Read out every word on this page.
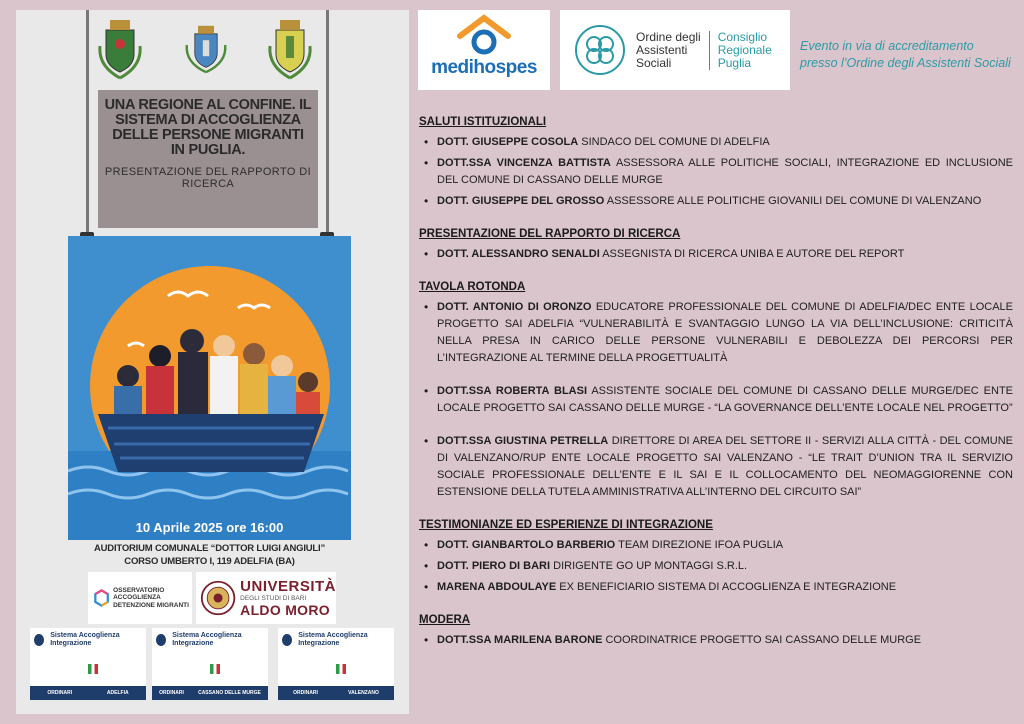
UNA REGIONE AL CONFINE. IL SISTEMA DI ACCOGLIENZA DELLE PERSONE MIGRANTI IN PUGLIA.
PRESENTAZIONE DEL RAPPORTO DI RICERCA
10 Aprile 2025 ore 16:00
AUDITORIUM COMUNALE “DOTTOR LUIGI ANGIULI”
CORSO UMBERTO I, 119 ADELFIA (BA)
OSSERVATORIO ACCOGLIENZA DETENZIONE MIGRANTI
UNIVERSITÀ
DEGLI STUDI DI BARI
ALDO MORO
Sistema Accoglienza Integrazione
ORDINARI	ADELFIA
Sistema Accoglienza Integrazione
ORDINARI	CASSANO DELLE MURGE
Sistema Accoglienza Integrazione
ORDINARI	VALENZANO
medihospes
Ordine degli
Assistenti
Sociali
Consiglio
Regionale
Puglia
Evento in via di accreditamento
presso l’Ordine degli Assistenti Sociali
SALUTI ISTITUZIONALI
• DOTT. GIUSEPPE COSOLA SINDACO DEL COMUNE DI ADELFIA
• DOTT.SSA VINCENZA BATTISTA ASSESSORA ALLE POLITICHE SOCIALI, INTEGRAZIONE ED INCLUSIONE DEL COMUNE DI CASSANO DELLE MURGE
• DOTT. GIUSEPPE DEL GROSSO ASSESSORE ALLE POLITICHE GIOVANILI DEL COMUNE DI VALENZANO
PRESENTAZIONE DEL RAPPORTO DI RICERCA
• DOTT. ALESSANDRO SENALDI ASSEGNISTA DI RICERCA UNIBA E AUTORE DEL REPORT
TAVOLA ROTONDA
• DOTT. ANTONIO DI ORONZO EDUCATORE PROFESSIONALE DEL COMUNE DI ADELFIA/DEC ENTE LOCALE PROGETTO SAI ADELFIA “VULNERABILITÀ E SVANTAGGIO LUNGO LA VIA DELL’INCLUSIONE: CRITICITÀ NELLA PRESA IN CARICO DELLE PERSONE VULNERABILI E DEBOLEZZA DEI PERCORSI PER L’INTEGRAZIONE AL TERMINE DELLA PROGETTUALITÀ
• DOTT.SSA ROBERTA BLASI ASSISTENTE SOCIALE DEL COMUNE DI CASSANO DELLE MURGE/DEC ENTE LOCALE PROGETTO SAI CASSANO DELLE MURGE - “LA GOVERNANCE DELL’ENTE LOCALE NEL PROGETTO”
• DOTT.SSA GIUSTINA PETRELLA DIRETTORE DI AREA DEL SETTORE II - SERVIZI ALLA CITTÀ - DEL COMUNE DI VALENZANO/RUP ENTE LOCALE PROGETTO SAI VALENZANO - “LE TRAIT D’UNION TRA IL SERVIZIO SOCIALE PROFESSIONALE DELL’ENTE E IL SAI E IL COLLOCAMENTO DEL NEOMAGGIORENNE CON ESTENSIONE DELLA TUTELA AMMINISTRATIVA ALL’INTERNO DEL CIRCUITO SAI”
TESTIMONIANZE ED ESPERIENZE DI INTEGRAZIONE
• DOTT. GIANBARTOLO BARBERIO TEAM DIREZIONE IFOA PUGLIA
• DOTT. PIERO DI BARI DIRIGENTE GO UP MONTAGGI S.R.L.
• MARENA ABDOULAYE EX BENEFICIARIO SISTEMA DI ACCOGLIENZA E INTEGRAZIONE
MODERA
• DOTT.SSA MARILENA BARONE COORDINATRICE PROGETTO SAI CASSANO DELLE MURGE
